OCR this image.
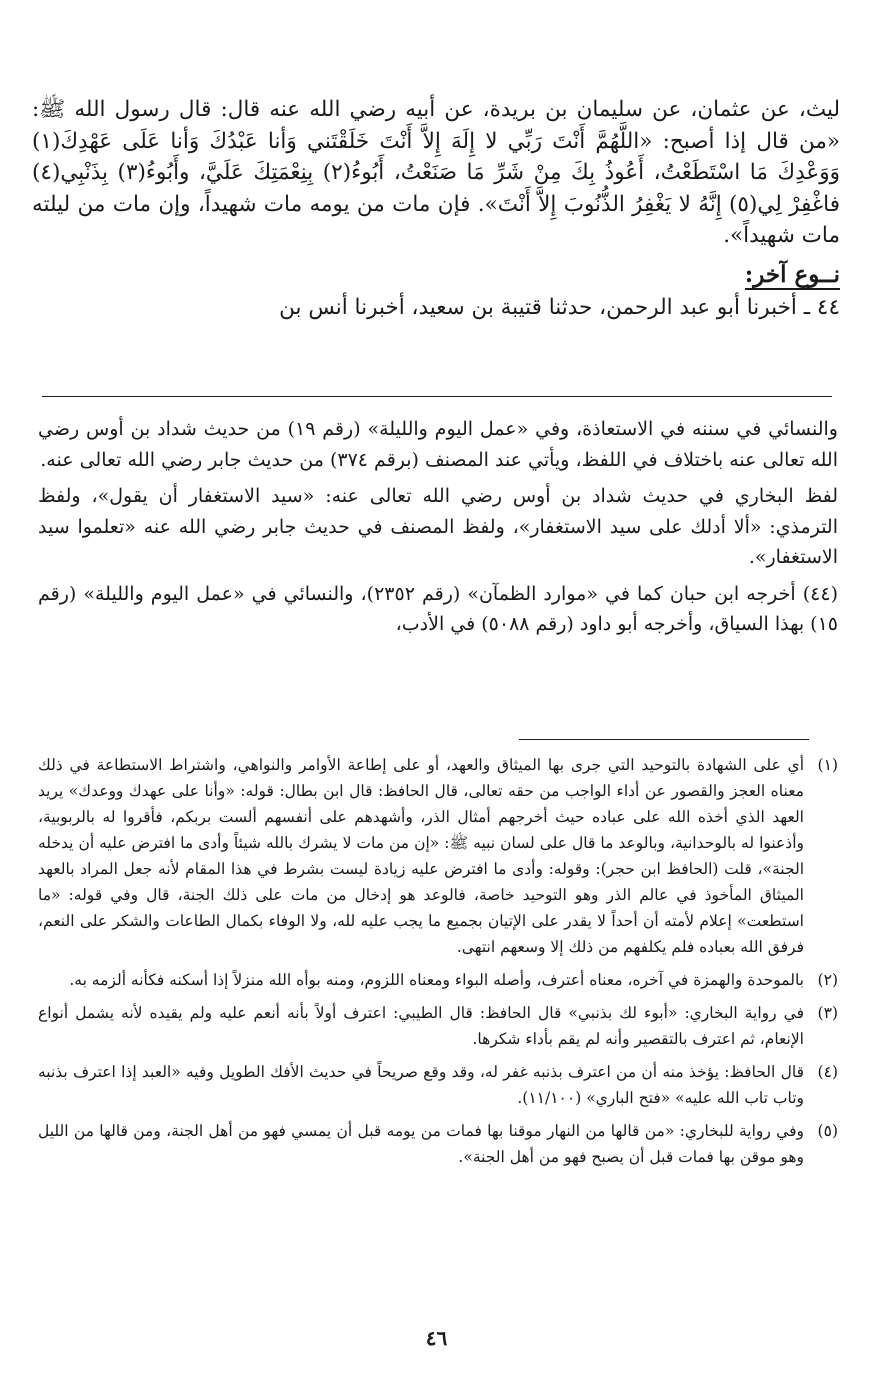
ليث، عن عثمان، عن سليمان بن بريدة، عن أبيه رضي الله عنه قال: قال رسول الله ﷺ: «من قال إذا أصبح: «اللَّهُمَّ أَنْتَ رَبِّي لا إِلَهَ إِلاَّ أَنْتَ خَلَقْتَني وَأنا عَبْدُكَ وَأنا عَلَى عَهْدِكَ(١) وَوَعْدِكَ مَا اسْتَطَعْتُ، أَعُوذُ بِكَ مِنْ شَرِّ مَا صَنَعْتُ، أَبُوءُ(٢) بِنِعْمَتِكَ عَلَيَّ، وأَبُوءُ(٣) بِذَنْبِي(٤) فاغْفِرْ لِي(٥) إِنَّهُ لا يَغْفِرُ الذُّنُوبَ إِلاَّ أَنْتَ». فإن مات من يومه مات شهيداً، وإن مات من ليلته مات شهيداً».

نــوع آخر:

٤٤ ـ أخبرنا أبو عبد الرحمن، حدثنا قتيبة بن سعيد، أخبرنا أنس بن

والنسائي في سننه في الاستعاذة، وفي «عمل اليوم والليلة» (رقم ١٩) من حديث شداد بن أوس رضي الله تعالى عنه باختلاف في اللفظ، ويأتي عند المصنف (برقم ٣٧٤) من حديث جابر رضي الله تعالى عنه.

لفظ البخاري في حديث شداد بن أوس رضي الله تعالى عنه: «سيد الاستغفار أن يقول»، ولفظ الترمذي: «ألا أدلك على سيد الاستغفار»، ولفظ المصنف في حديث جابر رضي الله عنه «تعلموا سيد الاستغفار».

(٤٤) أخرجه ابن حبان كما في «موارد الظمآن» (رقم ٢٣٥٢)، والنسائي في «عمل اليوم والليلة» (رقم ١٥) بهذا السياق، وأخرجه أبو داود (رقم ٥٠٨٨) في الأدب،

(١)
أي على الشهادة بالتوحيد التي جرى بها الميثاق والعهد، أو على إطاعة الأوامر والنواهي، واشتراط الاستطاعة في ذلك معناه العجز والقصور عن أداء الواجب من حقه تعالى، قال الحافظ: قال ابن بطال: قوله: «وأنا على عهدك ووعدك» يريد العهد الذي أخذه الله على عباده حيث أخرجهم أمثال الذر، وأشهدهم على أنفسهم ألست بربكم، فأقروا له بالربوبية، وأذعنوا له بالوحدانية، وبالوعد ما قال على لسان نبيه ﷺ: «إن من مات لا يشرك بالله شيئاً وأدى ما افترض عليه أن يدخله الجنة»، قلت (الحافظ ابن حجر): وقوله: وأدى ما افترض عليه زيادة ليست بشرط في هذا المقام لأنه جعل المراد بالعهد الميثاق المأخوذ في عالم الذر وهو التوحيد خاصة، فالوعد هو إدخال من مات على ذلك الجنة، قال وفي قوله: «ما استطعت» إعلام لأمته أن أحداً لا يقدر على الإتيان بجميع ما يجب عليه لله، ولا الوفاء بكمال الطاعات والشكر على النعم، فرفق الله بعباده فلم يكلفهم من ذلك إلا وسعهم انتهى.
(٢)
بالموحدة والهمزة في آخره، معناه أعترف، وأصله البواء ومعناه اللزوم، ومنه بوأه الله منزلاً إذا أسكنه فكأنه ألزمه به.
(٣)
في رواية البخاري: «أبوء لك بذنبي» قال الحافظ: قال الطيبي: اعترف أولاً بأنه أنعم عليه ولم يقيده لأنه يشمل أنواع الإنعام، ثم اعترف بالتقصير وأنه لم يقم بأداء شكرها.
(٤)
قال الحافظ: يؤخذ منه أن من اعترف بذنبه غفر له، وقد وقع صريحاً في حديث الأفك الطويل وفيه «العبد إذا اعترف بذنبه وتاب تاب الله عليه» «فتح الباري» (١١/١٠٠).
(٥)
وفي رواية للبخاري: «من قالها من النهار موقنا بها فمات من يومه قبل أن يمسي فهو من أهل الجنة، ومن قالها من الليل وهو موقن بها فمات قبل أن يصبح فهو من أهل الجنة».
٤٦
